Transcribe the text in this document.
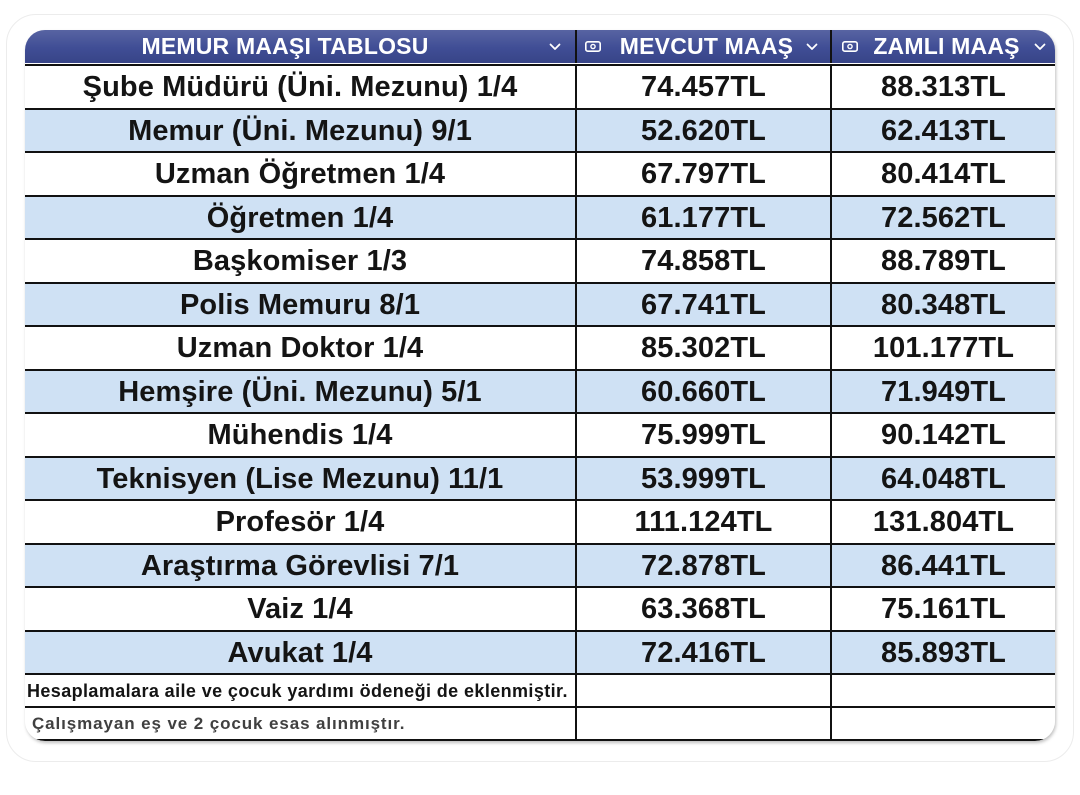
MEMUR MAAŞI TABLOSU	MEVCUT MAAŞ	ZAMLI MAAŞ
Şube Müdürü (Üni. Mezunu) 1/4	74.457TL	88.313TL
Memur (Üni. Mezunu) 9/1	52.620TL	62.413TL
Uzman Öğretmen 1/4	67.797TL	80.414TL
Öğretmen 1/4	61.177TL	72.562TL
Başkomiser 1/3	74.858TL	88.789TL
Polis Memuru 8/1	67.741TL	80.348TL
Uzman Doktor 1/4	85.302TL	101.177TL
Hemşire (Üni. Mezunu) 5/1	60.660TL	71.949TL
Mühendis 1/4	75.999TL	90.142TL
Teknisyen (Lise Mezunu) 11/1	53.999TL	64.048TL
Profesör 1/4	111.124TL	131.804TL
Araştırma Görevlisi 7/1	72.878TL	86.441TL
Vaiz 1/4	63.368TL	75.161TL
Avukat 1/4	72.416TL	85.893TL
Hesaplamalara aile ve çocuk yardımı ödeneği de eklenmiştir.
Çalışmayan eş ve 2 çocuk esas alınmıştır.
